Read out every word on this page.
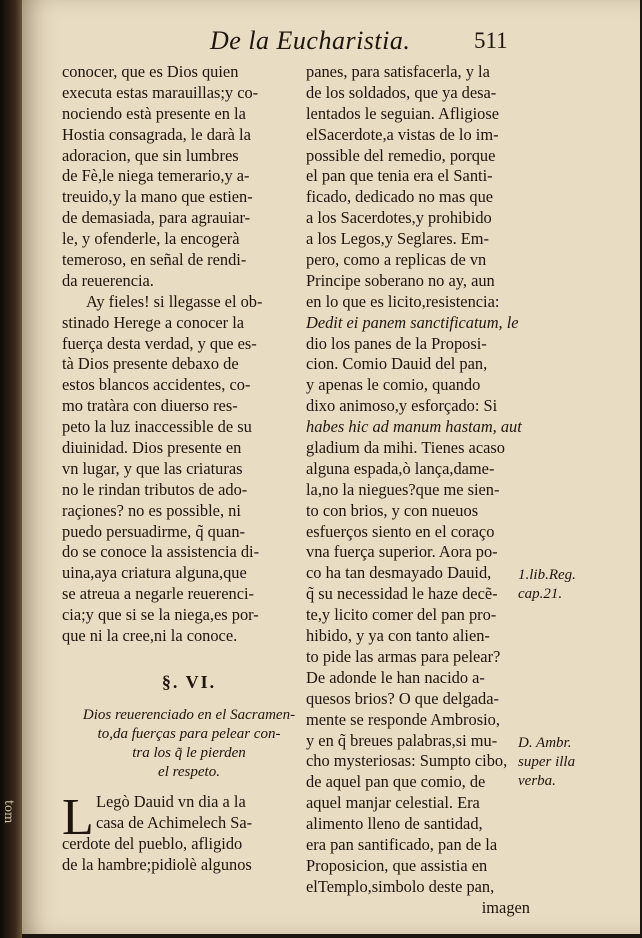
tom
De la Eucharistia.	511
conocer, que es Dios quien
executa estas marauillas;y co-
nociendo està presente en la
Hostia consagrada, le darà la
adoracion, que sin lumbres
de Fè,le niega temerario,y a-
treuido,y la mano que estien-
de demasiada, para agrauiar-
le, y ofenderle, la encogerà
temeroso, en señal de rendi-
da reuerencia.
Ay fieles! si llegasse el ob-
stinado Herege a conocer la
fuerça desta verdad, y que es-
tà Dios presente debaxo de
estos blancos accidentes, co-
mo tratàra con diuerso res-
peto la luz inaccessible de su
diuinidad. Dios presente en
vn lugar, y que las criaturas
no le rindan tributos de ado-
raçiones? no es possible, ni
puedo persuadirme, q̃ quan-
do se conoce la assistencia di-
uina,aya criatura alguna,que
se atreua a negarle reuerenci-
cia;y que si se la niega,es por-
que ni la cree,ni la conoce.
§. VI.
Dios reuerenciado en el Sacramen-
to,da fuerças para pelear con-
tra los q̃ le pierden
el respeto.
L Legò Dauid vn dia a la
casa de Achimelech Sa-
cerdote del pueblo, afligido
de la hambre;pidiolè algunos
panes, para satisfacerla, y la
de los soldados, que ya desa-
lentados le seguian. Afligiose
elSacerdote,a vistas de lo im-
possible del remedio, porque
el pan que tenia era el Santi-
ficado, dedicado no mas que
a los Sacerdotes,y prohibido
a los Legos,y Seglares. Em-
pero, como a replicas de vn
Principe soberano no ay, aun
en lo que es licito,resistencia:
Dedit ei panem sanctificatum, le
dio los panes de la Proposi-
cion. Comio Dauid del pan,
y apenas le comio, quando
dixo animoso,y esforçado: Si
habes hic ad manum hastam, aut
gladium da mihi. Tienes acaso
alguna espada,ò lança,dame-
la,no la niegues?que me sien-
to con brios, y con nueuos
esfuerços siento en el coraço
vna fuerça superior. Aora po-
co ha tan desmayado Dauid,
q̃ su necessidad le haze decẽ-
te,y licito comer del pan pro-
hibido, y ya con tanto alien-
to pide las armas para pelear?
De adonde le han nacido a-
quesos brios? O que delgada-
mente se responde Ambrosio,
y en q̃ breues palabras,si mu-
cho mysteriosas: Sumpto cibo,
de aquel pan que comio, de
aquel manjar celestial. Era
alimento lleno de santidad,
era pan santificado, pan de la
Proposicion, que assistia en
elTemplo,simbolo deste pan,
imagen
1.lib.Reg.
cap.21.
D. Ambr.
super illa
verba.
